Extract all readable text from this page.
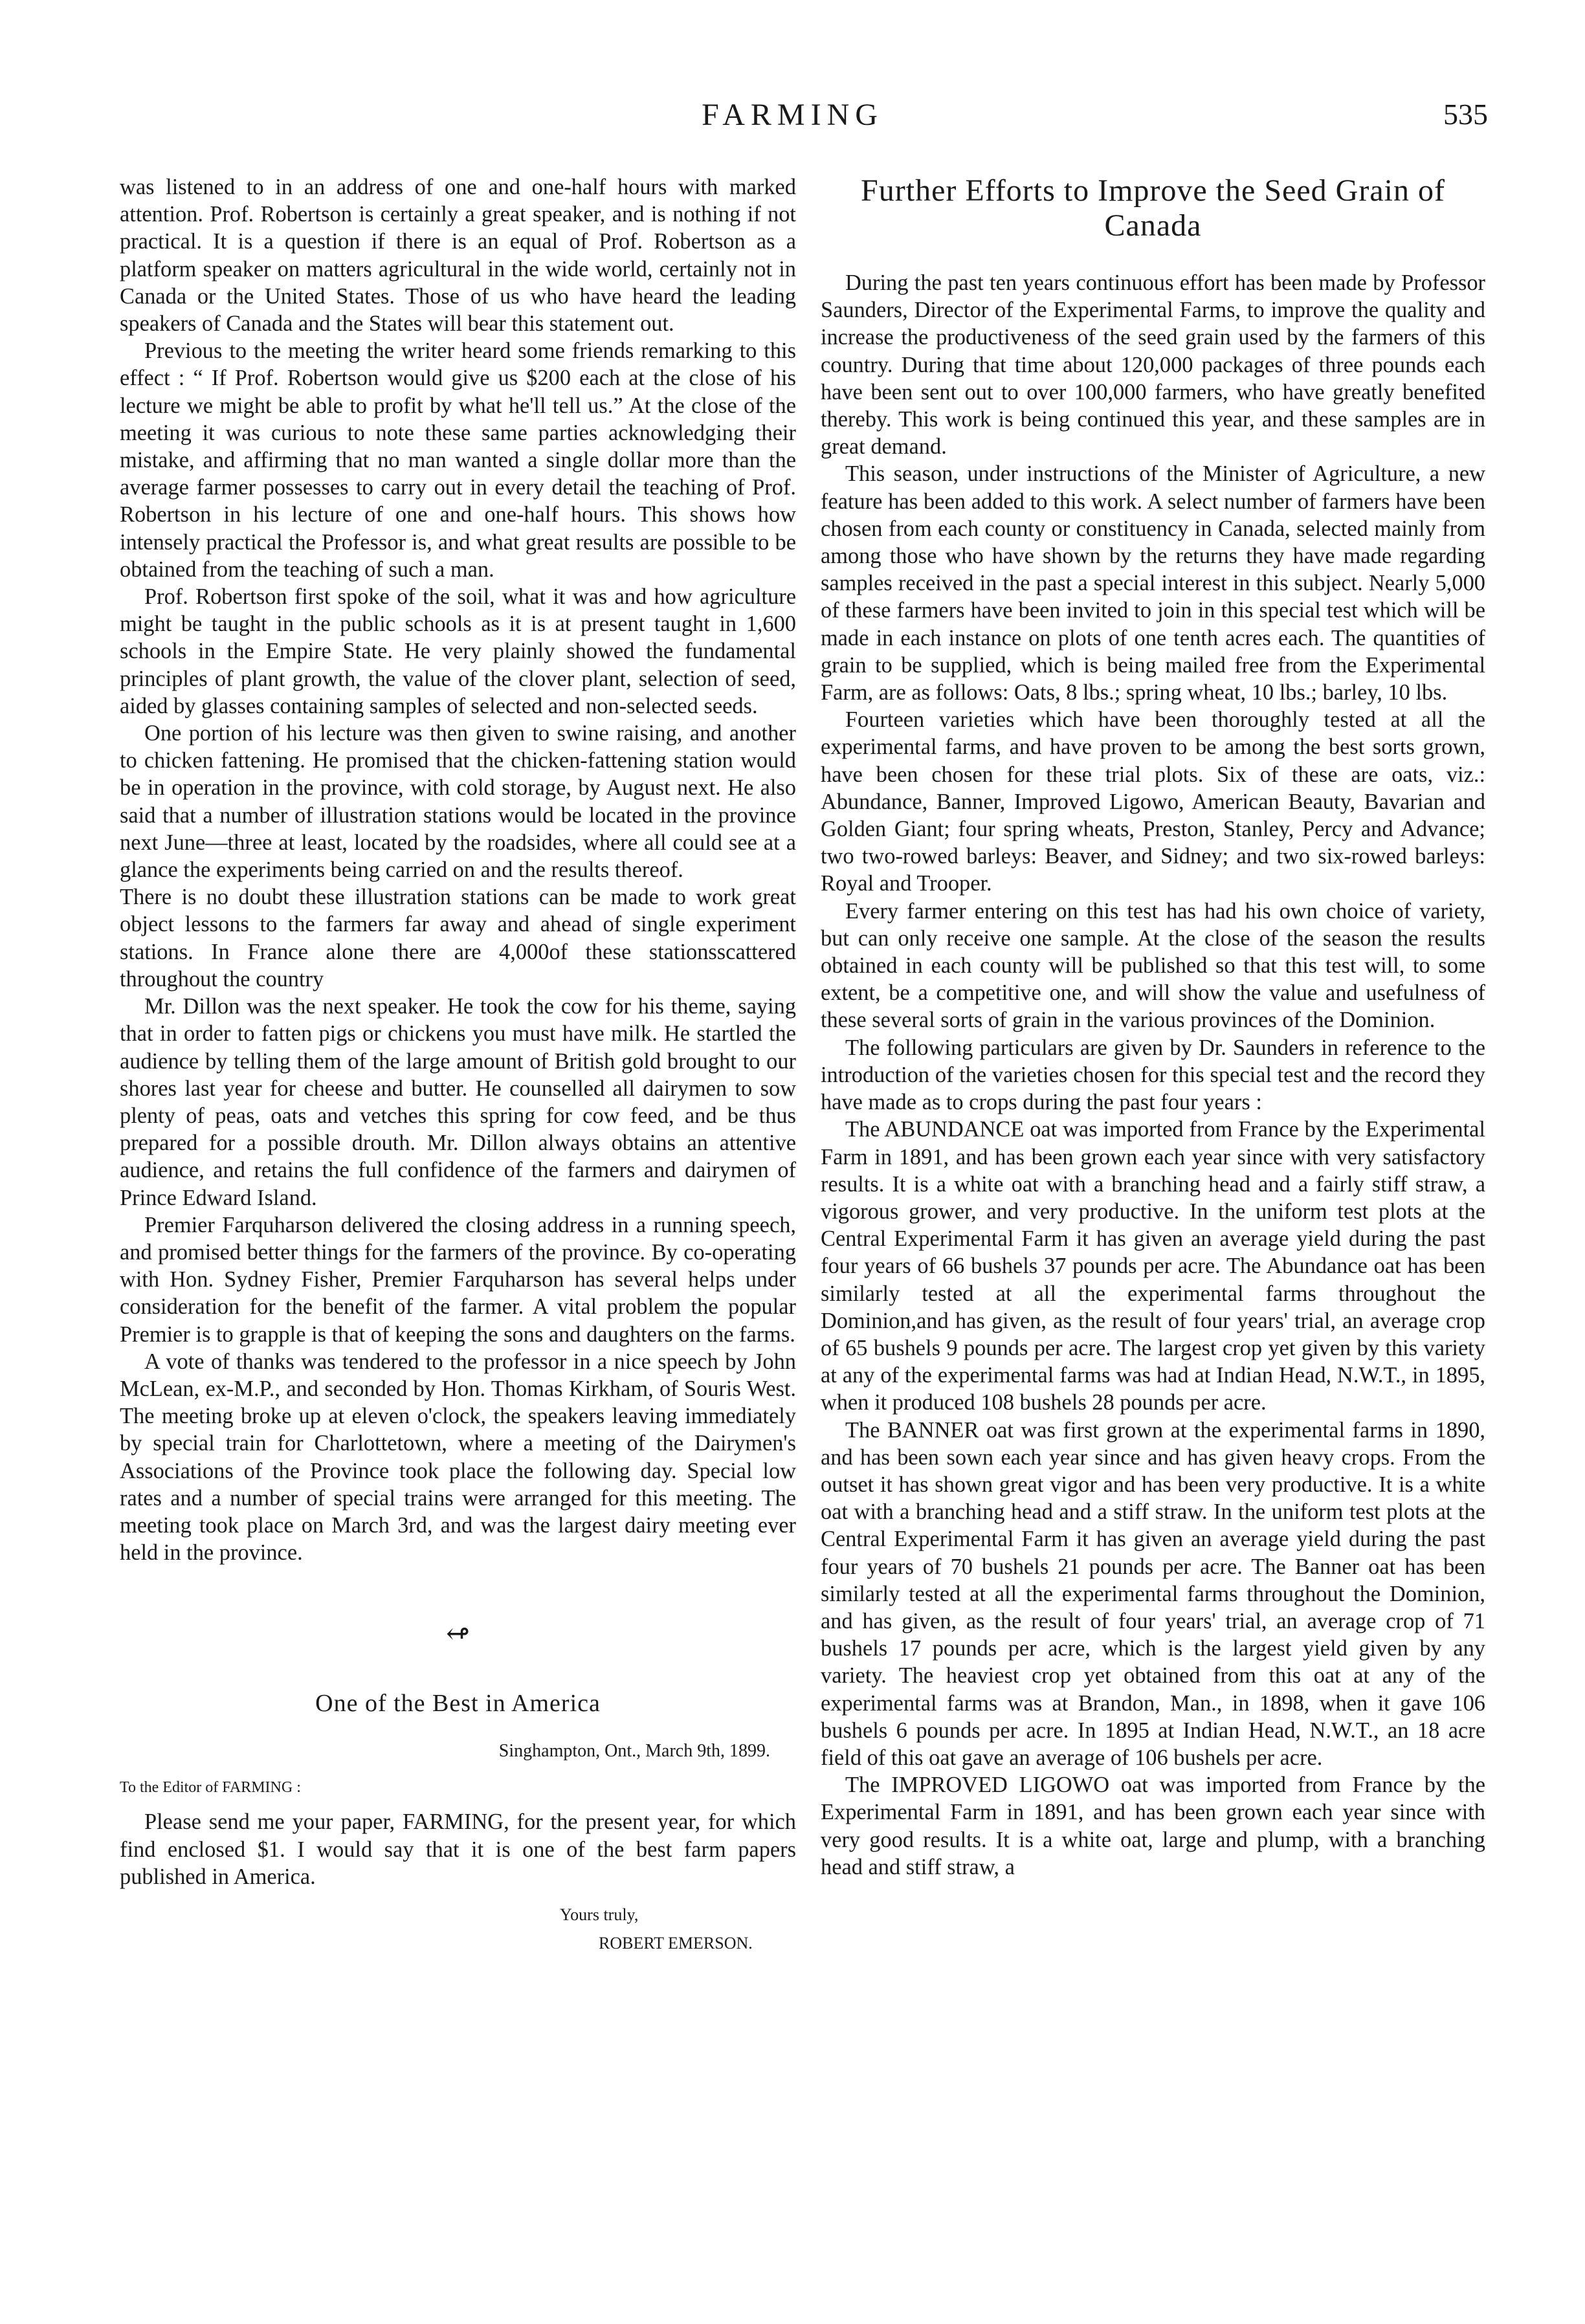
FARMING	535

was listened to in an address of one and one-half hours with marked attention. Prof. Robertson is certainly a great speaker, and is nothing if not practical. It is a question if there is an equal of Prof. Robertson as a platform speaker on matters agricultural in the wide world, certainly not in Canada or the United States. Those of us who have heard the leading speakers of Canada and the States will bear this statement out.

Previous to the meeting the writer heard some friends remarking to this effect : “ If Prof. Robertson would give us $200 each at the close of his lecture we might be able to profit by what he'll tell us.” At the close of the meeting it was curious to note these same parties acknowledging their mistake, and affirming that no man wanted a single dollar more than the average farmer possesses to carry out in every detail the teaching of Prof. Robertson in his lecture of one and one-half hours. This shows how intensely practical the Professor is, and what great results are possible to be obtained from the teaching of such a man.

Prof. Robertson first spoke of the soil, what it was and how agriculture might be taught in the public schools as it is at present taught in 1,600 schools in the Empire State. He very plainly showed the fundamental principles of plant growth, the value of the clover plant, selection of seed, aided by glasses containing samples of selected and non-selected seeds.

One portion of his lecture was then given to swine raising, and another to chicken fattening. He promised that the chicken-fattening station would be in operation in the province, with cold storage, by August next. He also said that a number of illustration stations would be located in the province next June—three at least, located by the roadsides, where all could see at a glance the experiments being carried on and the results thereof.

There is no doubt these illustration stations can be made to work great object lessons to the farmers far away and ahead of single experiment stations. In France alone there are 4,000of these stationsscattered throughout the country

Mr. Dillon was the next speaker. He took the cow for his theme, saying that in order to fatten pigs or chickens you must have milk. He startled the audience by telling them of the large amount of British gold brought to our shores last year for cheese and butter. He counselled all dairymen to sow plenty of peas, oats and vetches this spring for cow feed, and be thus prepared for a possible drouth. Mr. Dillon always obtains an attentive audience, and retains the full confidence of the farmers and dairymen of Prince Edward Island.

Premier Farquharson delivered the closing address in a running speech, and promised better things for the farmers of the province. By co-operating with Hon. Sydney Fisher, Premier Farquharson has several helps under consideration for the benefit of the farmer. A vital problem the popular Premier is to grapple is that of keeping the sons and daughters on the farms.

A vote of thanks was tendered to the professor in a nice speech by John McLean, ex-M.P., and seconded by Hon. Thomas Kirkham, of Souris West. The meeting broke up at eleven o'clock, the speakers leaving immediately by special train for Charlottetown, where a meeting of the Dairymen's Associations of the Province took place the following day. Special low rates and a number of special trains were arranged for this meeting. The meeting took place on March 3rd, and was the largest dairy meeting ever held in the province.

↫
One of the Best in America
Singhampton, Ont., March 9th, 1899.
To the Editor of FARMING :

Please send me your paper, FARMING, for the present year, for which find enclosed $1. I would say that it is one of the best farm papers published in America.

Yours truly,
ROBERT EMERSON.
Further Efforts to Improve the Seed Grain of Canada

During the past ten years continuous effort has been made by Professor Saunders, Director of the Experimental Farms, to improve the quality and increase the productiveness of the seed grain used by the farmers of this country. During that time about 120,000 packages of three pounds each have been sent out to over 100,000 farmers, who have greatly benefited thereby. This work is being continued this year, and these samples are in great demand.

This season, under instructions of the Minister of Agriculture, a new feature has been added to this work. A select number of farmers have been chosen from each county or constituency in Canada, selected mainly from among those who have shown by the returns they have made regarding samples received in the past a special interest in this subject. Nearly 5,000 of these farmers have been invited to join in this special test which will be made in each instance on plots of one tenth acres each. The quantities of grain to be supplied, which is being mailed free from the Experimental Farm, are as follows: Oats, 8 lbs.; spring wheat, 10 lbs.; barley, 10 lbs.

Fourteen varieties which have been thoroughly tested at all the experimental farms, and have proven to be among the best sorts grown, have been chosen for these trial plots. Six of these are oats, viz.: Abundance, Banner, Improved Ligowo, American Beauty, Bavarian and Golden Giant; four spring wheats, Preston, Stanley, Percy and Advance; two two-rowed barleys: Beaver, and Sidney; and two six-rowed barleys: Royal and Trooper.

Every farmer entering on this test has had his own choice of variety, but can only receive one sample. At the close of the season the results obtained in each county will be published so that this test will, to some extent, be a competitive one, and will show the value and usefulness of these several sorts of grain in the various provinces of the Dominion.

The following particulars are given by Dr. Saunders in reference to the introduction of the varieties chosen for this special test and the record they have made as to crops during the past four years :

The ABUNDANCE oat was imported from France by the Experimental Farm in 1891, and has been grown each year since with very satisfactory results. It is a white oat with a branching head and a fairly stiff straw, a vigorous grower, and very productive. In the uniform test plots at the Central Experimental Farm it has given an average yield during the past four years of 66 bushels 37 pounds per acre. The Abundance oat has been similarly tested at all the experimental farms throughout the Dominion,and has given, as the result of four years' trial, an average crop of 65 bushels 9 pounds per acre. The largest crop yet given by this variety at any of the experimental farms was had at Indian Head, N.W.T., in 1895, when it produced 108 bushels 28 pounds per acre.

The BANNER oat was first grown at the experimental farms in 1890, and has been sown each year since and has given heavy crops. From the outset it has shown great vigor and has been very productive. It is a white oat with a branching head and a stiff straw. In the uniform test plots at the Central Experimental Farm it has given an average yield during the past four years of 70 bushels 21 pounds per acre. The Banner oat has been similarly tested at all the experimental farms throughout the Dominion, and has given, as the result of four years' trial, an average crop of 71 bushels 17 pounds per acre, which is the largest yield given by any variety. The heaviest crop yet obtained from this oat at any of the experimental farms was at Brandon, Man., in 1898, when it gave 106 bushels 6 pounds per acre. In 1895 at Indian Head, N.W.T., an 18 acre field of this oat gave an average of 106 bushels per acre.

The IMPROVED LIGOWO oat was imported from France by the Experimental Farm in 1891, and has been grown each year since with very good results. It is a white oat, large and plump, with a branching head and stiff straw, a
